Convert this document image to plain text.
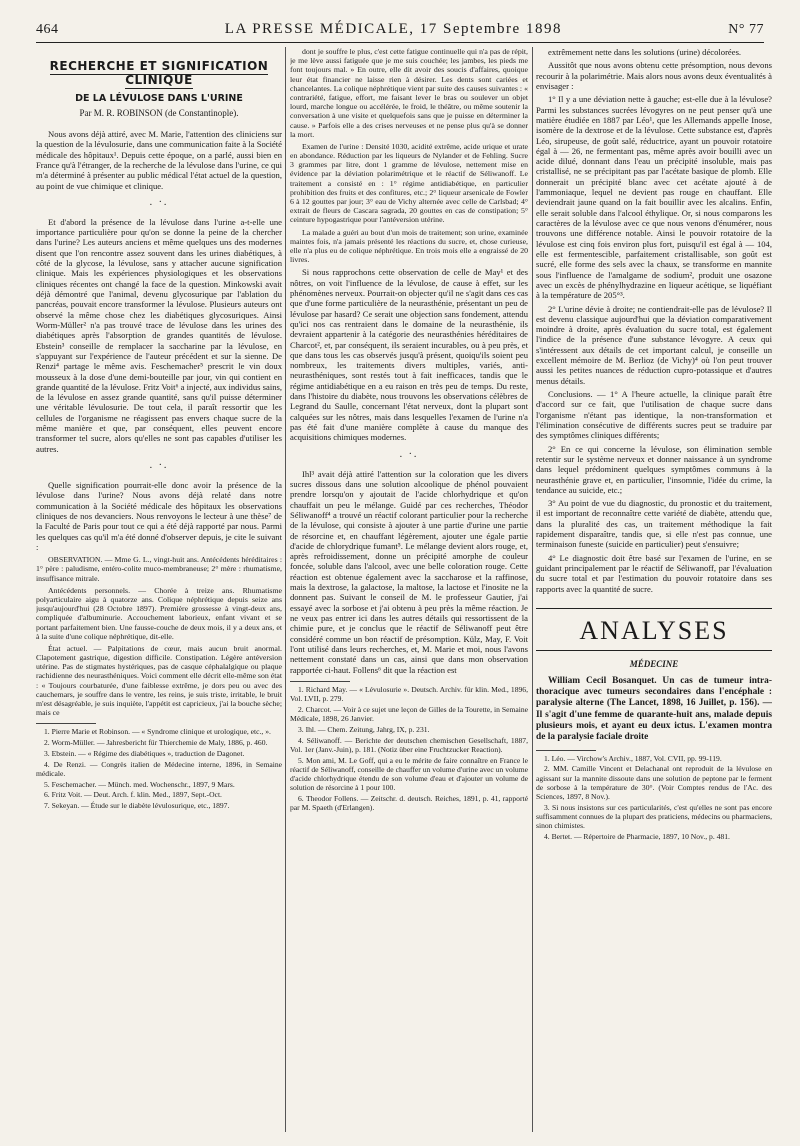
464	LA PRESSE MÉDICALE, 17 Septembre 1898	N° 77
RECHERCHE ET SIGNIFICATION CLINIQUE
DE LA LÉVULOSE DANS L'URINE
Par M. R. ROBINSON (de Constantinople).

Nous avons déjà attiré, avec M. Marie, l'attention des cliniciens sur la question de la lévulosurie, dans une communication faite à la Société médicale des hôpitaux¹. Depuis cette époque, on a parlé, aussi bien en France qu'à l'étranger, de la recherche de la lévulose dans l'urine, ce qui m'a déterminé à présenter au public médical l'état actuel de la question, au point de vue chimique et clinique.

. ·.

Et d'abord la présence de la lévulose dans l'urine a-t-elle une importance particulière pour qu'on se donne la peine de la chercher dans l'urine? Les auteurs anciens et même quelques uns des modernes disent que l'on rencontre assez souvent dans les urines diabétiques, à côté de la glycose, la lévulose, sans y attacher aucune signification clinique. Mais les expériences physiologiques et les observations cliniques récentes ont changé la face de la question. Minkowski avait déjà démontré que l'animal, devenu glycosurique par l'ablation du pancréas, pouvait encore transformer la lévulose. Plusieurs auteurs ont observé la même chose chez les diabétiques glycosuriques. Ainsi Worm-Müller² n'a pas trouvé trace de lévulose dans les urines des diabétiques après l'absorption de grandes quantités de lévulose. Ebstein³ conseille de remplacer la saccharine par la lévulose, en s'appuyant sur l'expérience de l'auteur précédent et sur la sienne. De Renzi⁴ partage le même avis. Feschemacher⁵ prescrit le vin doux mousseux à la dose d'une demi-bouteille par jour, vin qui contient en grande quantité de la lévulose. Fritz Voit⁶ a injecté, aux individus sains, de la lévulose en assez grande quantité, sans qu'il puisse déterminer une véritable lévulosurie. De tout cela, il paraît ressortir que les cellules de l'organisme ne réagissent pas envers chaque sucre de la même manière et que, par conséquent, elles peuvent encore transformer tel sucre, alors qu'elles ne sont pas capables d'utiliser les autres.

. ·.

Quelle signification pourrait-elle donc avoir la présence de la lévulose dans l'urine? Nous avons déjà relaté dans notre communication à la Société médicale des hôpitaux les observations cliniques de nos devanciers. Nous renvoyons le lecteur à une thèse⁷ de la Faculté de Paris pour tout ce qui a été déjà rapporté par nous. Parmi les quelques cas qu'il m'a été donné d'observer depuis, je cite le suivant :

OBSERVATION. — Mme G. L., vingt-huit ans. Antécédents héréditaires : 1° père : paludisme, entéro-colite muco-membraneuse; 2° mère : rhumatisme, insuffisance mitrale.

Antécédents personnels. — Chorée à treize ans. Rhumatisme polyarticulaire aigu à quatorze ans. Colique néphrétique depuis seize ans jusqu'aujourd'hui (28 Octobre 1897). Première grossesse à vingt-deux ans, compliquée d'albuminurie. Accouchement laborieux, enfant vivant et se portant parfaitement bien. Une fausse-couche de deux mois, il y a deux ans, et à la suite d'une colique néphrétique, dit-elle.

État actuel. — Palpitations de cœur, mais aucun bruit anormal. Clapotement gastrique, digestion difficile. Constipation. Légère antéversion utérine. Pas de stigmates hystériques, pas de casque céphalalgique ou plaque rachidienne des neurasthéniques. Voici comment elle décrit elle-même son état : « Toujours courbaturée, d'une faiblesse extrême, je dors peu ou avec des cauchemars, je souffre dans le ventre, les reins, je suis triste, irritable, le bruit m'est désagréable, je suis inquiète, l'appétit est capricieux, j'ai la bouche sèche; mais ce

1. Pierre Marie et Robinson. — « Syndrome clinique et urologique, etc., ».

2. Worm-Müller. — Jahresbericht für Thierchemie de Maly, 1886, p. 460.

3. Ebstein. — « Régime des diabétiques », traduction de Dagonet.

4. De Renzi. — Congrès italien de Médecine interne, 1896, in Semaine médicale.

5. Feschemacher. — Münch. med. Wochenschr., 1897, 9 Mars.

6. Fritz Voit. — Deut. Arch. f. klin. Med., 1897, Sept.-Oct.

7. Sekeyan. — Étude sur le diabète lévulosurique, etc., 1897.

dont je souffre le plus, c'est cette fatigue continuelle qui n'a pas de répit, je me lève aussi fatiguée que je me suis couchée; les jambes, les pieds me font toujours mal. » En outre, elle dit avoir des soucis d'affaires, quoique leur état financier ne laisse rien à désirer. Les dents sont cariées et chancelantes. La colique néphrétique vient par suite des causes suivantes : « contrariété, fatigue, effort, me faisant lever le bras ou soulever un objet lourd, marche longue ou accélérée, le froid, le théâtre, ou même soutenir la conversation à une visite et quelquefois sans que je puisse en déterminer la cause. » Parfois elle a des crises nerveuses et ne pense plus qu'à se donner la mort.

Examen de l'urine : Densité 1030, acidité extrême, acide urique et urate en abondance. Réduction par les liqueurs de Nylander et de Fehling. Sucre 3 grammes par litre, dont 1 gramme de lévulose, nettement mise en évidence par la déviation polarimétrique et le réactif de Séliwanoff. Le traitement a consisté en : 1° régime antidiabétique, en particulier prohibition des fruits et des confitures, etc.; 2° liqueur arsenicale de Fowler 6 à 12 gouttes par jour; 3° eau de Vichy alternée avec celle de Carlsbad; 4° extrait de fleurs de Cascara sagrada, 20 gouttes en cas de constipation; 5° ceinture hypogastrique pour l'antéversion utérine.

La malade a guéri au bout d'un mois de traitement; son urine, examinée maintes fois, n'a jamais présenté les réactions du sucre, et, chose curieuse, elle n'a plus eu de colique néphrétique. En trois mois elle a engraissé de 20 livres.

Si nous rapprochons cette observation de celle de May¹ et des nôtres, on voit l'influence de la lévulose, de cause à effet, sur les phénomènes nerveux. Pourrait-on objecter qu'il ne s'agit dans ces cas que d'une forme particulière de la neurasthénie, présentant un peu de lévulose par hasard? Ce serait une objection sans fondement, attendu qu'ici nos cas rentraient dans le domaine de la neurasthénie, ils devraient appartenir à la catégorie des neurasthénies héréditaires de Charcot², et, par conséquent, ils seraient incurables, ou à peu près, et que dans tous les cas observés jusqu'à présent, quoiqu'ils soient peu nombreux, les traitements divers multiples, variés, anti-neurasthéniques, sont restés tout à fait inefficaces, tandis que le régime antidiabétique en a eu raison en très peu de temps. Du reste, dans l'histoire du diabète, nous trouvons les observations célèbres de Legrand du Saulle, concernant l'état nerveux, dont la plupart sont calquées sur les nôtres, mais dans lesquelles l'examen de l'urine n'a pas été fait d'une manière complète à cause du manque des acquisitions chimiques modernes.

. ·.

Ihl³ avait déjà attiré l'attention sur la coloration que les divers sucres dissous dans une solution alcoolique de phénol pouvaient prendre lorsqu'on y ajoutait de l'acide chlorhydrique et qu'on chauffait un peu le mélange. Guidé par ces recherches, Théodor Séliwanoff⁴ a trouvé un réactif colorant particulier pour la recherche de la lévulose, qui consiste à ajouter à une partie d'urine une partie de résorcine et, en chauffant légèrement, ajouter une égale partie d'acide de chlorydrique fumant⁵. Le mélange devient alors rouge, et, après refroidissement, donne un précipité amorphe de couleur foncée, soluble dans l'alcool, avec une belle coloration rouge. Cette réaction est obtenue également avec la saccharose et la raffinose, mais la dextrose, la galactose, la maltose, la lactose et l'inosite ne la donnent pas. Suivant le conseil de M. le professeur Gautier, j'ai essayé avec la sorbose et j'ai obtenu à peu près la même réaction. Je ne veux pas entrer ici dans les autres détails qui ressortissent de la chimie pure, et je conclus que le réactif de Séliwanoff peut être considéré comme un bon réactif de présomption. Külz, May, F. Voit l'ont utilisé dans leurs recherches, et, M. Marie et moi, nous l'avons nettement constaté dans un cas, ainsi que dans mon observation rapportée ci-haut. Follens⁶ dit que la réaction est

1. Richard May. — « Lévulosurie ». Deutsch. Archiv. für klin. Med., 1896, Vol. LVII, p. 279.

2. Charcot. — Voir à ce sujet une leçon de Gilles de la Tourette, in Semaine Médicale, 1898, 26 Janvier.

3. Ihl. — Chem. Zeitung, Jahrg, IX, p. 231.

4. Séliwanoff. — Berichte der deutschen chemischen Gesellschaft, 1887, Vol. 1er (Janv.-Juin), p. 181. (Notiz über eine Fruchtzucker Reaction).

5. Mon ami, M. Le Goff, qui a eu le mérite de faire connaître en France le réactif de Séliwanoff, conseille de chauffer un volume d'urine avec un volume d'acide chlorhydrique étendu de son volume d'eau et d'ajouter un volume de solution de résorcine à 1 pour 100.

6. Theodor Follens. — Zeitschr. d. deutsch. Reiches, 1891, p. 41, rapporté par M. Spaeth (d'Erlangen).

extrêmement nette dans les solutions (urine) décolorées.

Aussitôt que nous avons obtenu cette présomption, nous devons recourir à la polarimétrie. Mais alors nous avons deux éventualités à envisager :

1° Il y a une déviation nette à gauche; est-elle due à la lévulose? Parmi les substances sucrées lévogyres on ne peut penser qu'à une matière étudiée en 1887 par Léo¹, que les Allemands appelle Inose, isomère de la dextrose et de la lévulose. Cette substance est, d'après Léo, sirupeuse, de goût salé, réductrice, ayant un pouvoir rotatoire égal à — 26, ne fermentant pas, même après avoir bouilli avec un acide dilué, donnant dans l'eau un précipité insoluble, mais pas cristallisé, ne se précipitant pas par l'acétate basique de plomb. Elle donnerait un précipité blanc avec cet acétate ajouté à de l'ammoniaque, lequel ne devient pas rouge en chauffant. Elle deviendrait jaune quand on la fait bouillir avec les alcalins. Enfin, elle serait soluble dans l'alcool éthylique. Or, si nous comparons les caractères de la lévulose avec ce que nous venons d'énumérer, nous trouvons une différence notable. Ainsi le pouvoir rotatoire de la lévulose est cinq fois environ plus fort, puisqu'il est égal à — 104, elle est fermentescible, parfaitement cristallisable, son goût est sucré, elle forme des sels avec la chaux, se transforme en mannite sous l'influence de l'amalgame de sodium², produit une osazone avec un excès de phénylhydrazine en liqueur acétique, se liquéfiant à la température de 205°³.

2° L'urine dévie à droite; ne contiendrait-elle pas de lévulose? Il est devenu classique aujourd'hui que la déviation comparativement moindre à droite, après évaluation du sucre total, est également l'indice de la présence d'une substance lévogyre. A ceux qui s'intéressent aux détails de cet important calcul, je conseille un excellent mémoire de M. Berlioz (de Vichy)⁴ où l'on peut trouver aussi les petites nuances de réduction cupro-potassique et d'autres menus détails.

Conclusions. — 1° A l'heure actuelle, la clinique paraît être d'accord sur ce fait, que l'utilisation de chaque sucre dans l'organisme n'étant pas identique, la non-transformation et l'élimination consécutive de différents sucres peut se traduire par des symptômes cliniques différents;

2° En ce qui concerne la lévulose, son élimination semble retentir sur le système nerveux et donner naissance à un syndrome dans lequel prédominent quelques symptômes communs à la neurasthénie grave et, en particulier, l'insomnie, l'idée du crime, la tendance au suicide, etc.;

3° Au point de vue du diagnostic, du pronostic et du traitement, il est important de reconnaître cette variété de diabète, attendu que, dans la pluralité des cas, un traitement méthodique la fait rapidement disparaître, tandis que, si elle n'est pas connue, une terminaison funeste (suicide en particulier) peut s'ensuivre;

4° Le diagnostic doit être basé sur l'examen de l'urine, en se guidant principalement par le réactif de Séliwanoff, par l'évaluation du sucre total et par l'estimation du pouvoir rotatoire dans ses rapports avec la quantité de sucre.

ANALYSES
MÉDECINE

William Cecil Bosanquet. Un cas de tumeur intra-thoracique avec tumeurs secondaires dans l'encéphale : paralysie alterne (The Lancet, 1898, 16 Juillet, p. 156). — Il s'agit d'une femme de quarante-huit ans, malade depuis plusieurs mois, et ayant eu deux ictus. L'examen montra de la paralysie faciale droite

1. Léo. — Virchow's Archiv., 1887, Vol. CVII, pp. 99-119.

2. MM. Camille Vincent et Delachanal ont reproduit de la lévulose en agissant sur la mannite dissoute dans une solution de peptone par le ferment de sorbose à la température de 30°. (Voir Comptes rendus de l'Ac. des Sciences, 1897, 8 Nov.).

3. Si nous insistons sur ces particularités, c'est qu'elles ne sont pas encore suffisamment connues de la plupart des praticiens, médecins ou pharmaciens, sinon chimistes.

4. Bertet. — Répertoire de Pharmacie, 1897, 10 Nov., p. 481.
